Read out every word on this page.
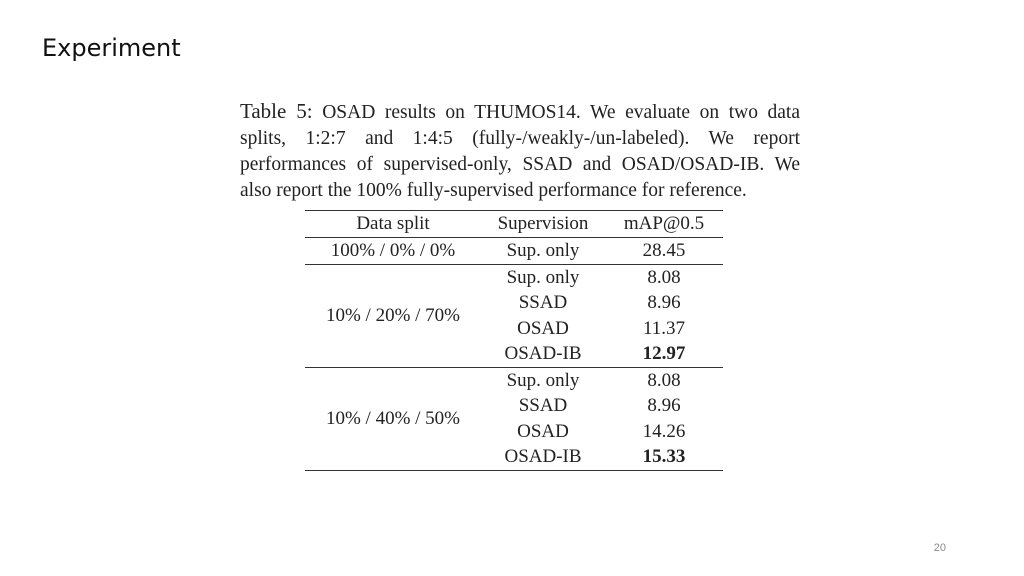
Experiment
Table 5: OSAD results on THUMOS14. We evaluate on two data splits, 1:2:7 and 1:4:5 (fully-/weakly-/un-labeled). We report performances of supervised-only, SSAD and OSAD/OSAD-IB. We also report the 100% fully-supervised performance for reference.
Data split	Supervision	mAP@0.5
100% / 0% / 0%	Sup. only	28.45
10% / 20% / 70%	Sup. only	8.08
	SSAD	8.96
	OSAD	11.37
	OSAD-IB	12.97
10% / 40% / 50%	Sup. only	8.08
	SSAD	8.96
	OSAD	14.26
	OSAD-IB	15.33
20
